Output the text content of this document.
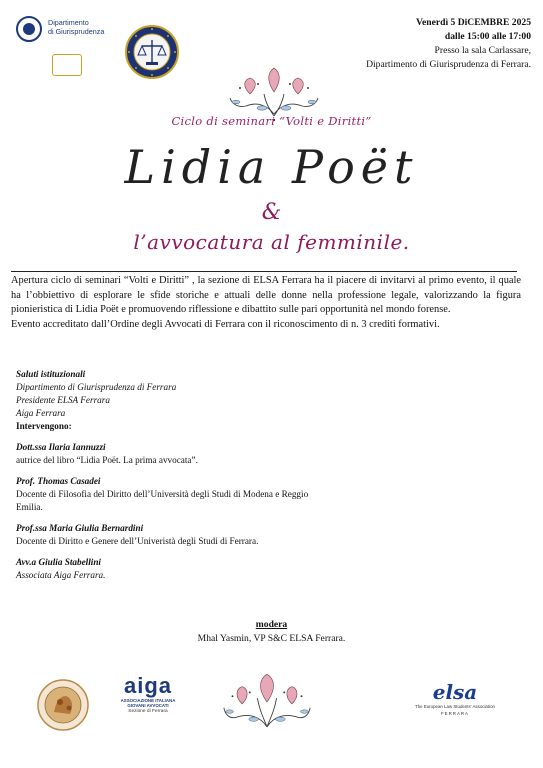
Dipartimento
di Giurisprudenza
Venerdì 5 DiCEMBRE 2025
dalle 15:00 alle 17:00
Presso la sala Carlassare,
Dipartimento di Giurisprudenza di Ferrara.
Ciclo di seminari “Volti e Diritti”
Lidia Poët
&
l’avvocatura al femminile.

Apertura ciclo di seminari “Volti e Diritti” , la sezione di ELSA Ferrara ha il piacere di invitarvi al primo evento, il quale ha l’obbiettivo di esplorare le sfide storiche e attuali delle donne nella professione legale, valorizzando la figura pionieristica di Lidia Poët e promuovendo riflessione e dibattito sulle pari opportunità nel mondo forense.

Evento accreditato dall’Ordine degli Avvocati di Ferrara con il riconoscimento di n. 3 crediti formativi.

Saluti istituzionali
Dipartimento di Giurisprudenza di Ferrara
Presidente ELSA Ferrara
Aiga Ferrara
Intervengono:
Dott.ssa Ilaria Iannuzzi
autrice del libro “Lidia Poët. La prima avvocata”.
Prof. Thomas Casadei
Docente di Filosofia del Diritto dell’Università degli Studi di Modena e Reggio Emilia.
Prof.ssa Maria Giulia Bernardini
Docente di Diritto e Genere dell’Univeristà degli Studi di Ferrara.
Avv.a Giulia Stabellini
Associata Aiga Ferrara.
modera
Mhal Yasmin, VP S&C ELSA Ferrara.
aiga
ASSOCIAZIONE ITALIANA GIOVANI AVVOCATI
Sezione di Ferrara
elsa
The European Law Students' Association
FERRARA
